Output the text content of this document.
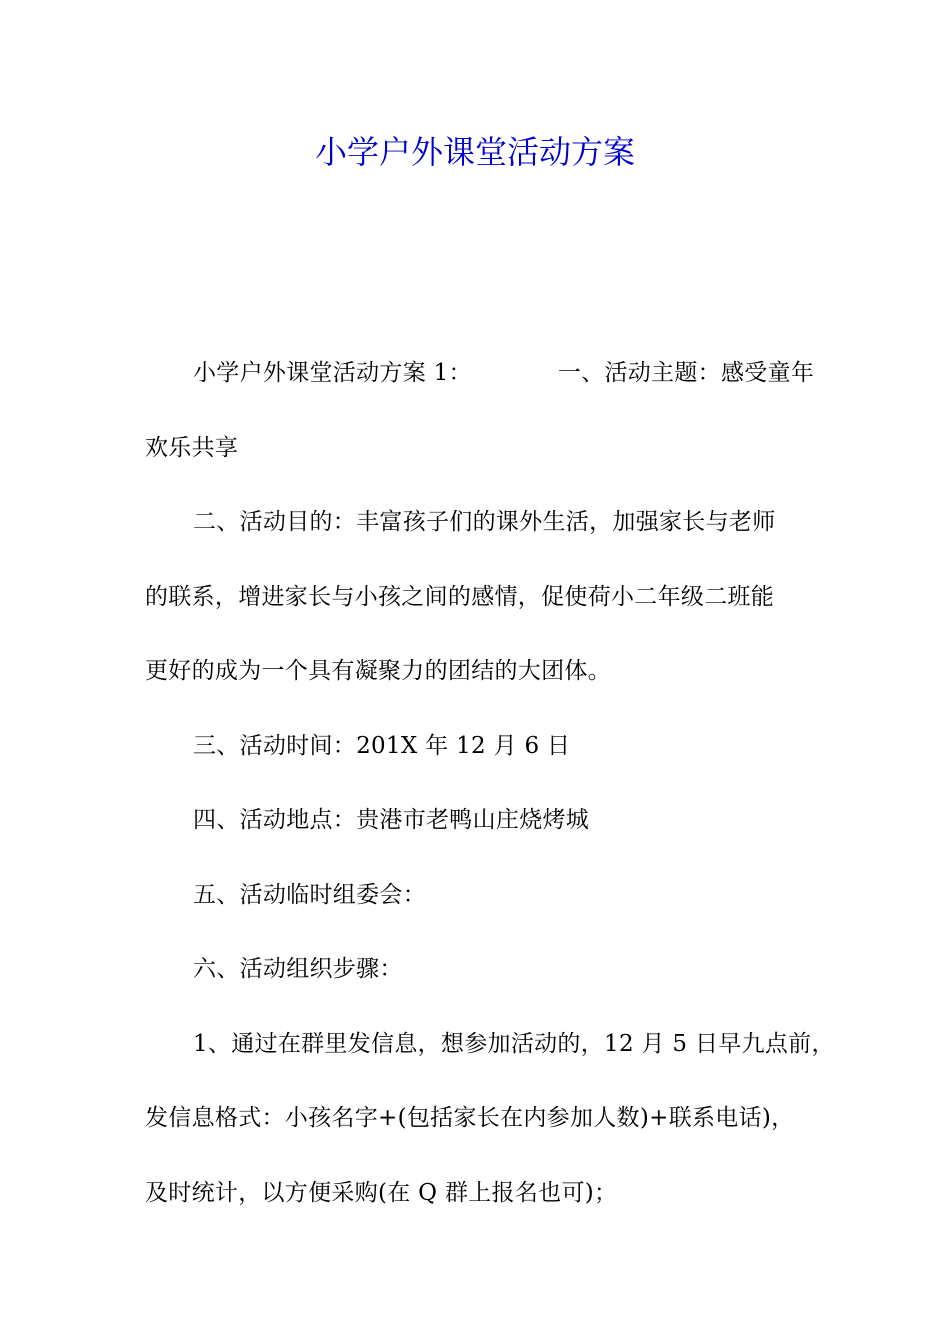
小学户外课堂活动方案

小学户外课堂活动方案 1：	一、活动主题：感受童年

欢乐共享

二、活动目的：丰富孩子们的课外生活，加强家长与老师

的联系，增进家长与小孩之间的感情，促使荷小二年级二班能

更好的成为一个具有凝聚力的团结的大团体。

三、活动时间：201X 年 12 月 6 日

四、活动地点：贵港市老鸭山庄烧烤城

五、活动临时组委会：

六、活动组织步骤：

1、通过在群里发信息，想参加活动的，12 月 5 日早九点前，

发信息格式：小孩名字+(包括家长在内参加人数)+联系电话)，

及时统计，以方便采购(在 Q 群上报名也可)；
